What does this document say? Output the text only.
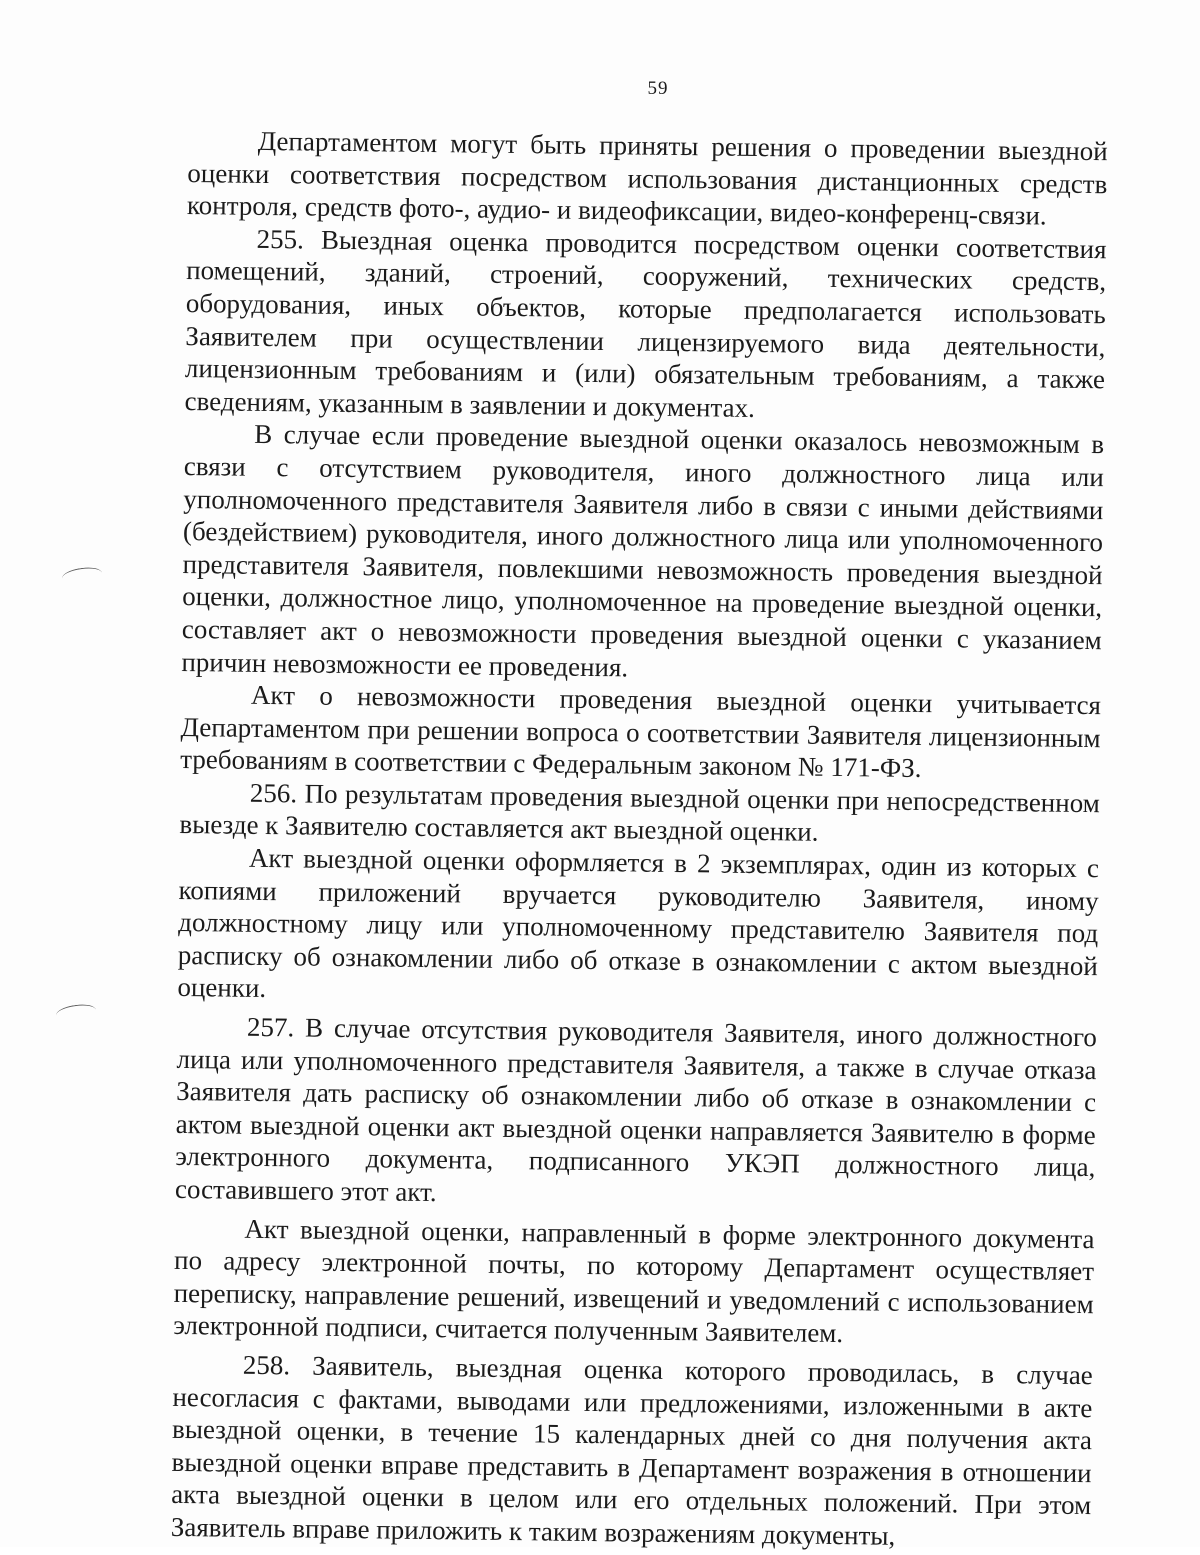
59

Департаментом могут быть приняты решения о проведении выездной оценки соответствия посредством использования дистанционных средств контроля, средств фото-, аудио- и видеофиксации, видео-конференц-связи.

255. Выездная оценка проводится посредством оценки соответствия помещений, зданий, строений, сооружений, технических средств, оборудования, иных объектов, которые предполагается использовать Заявителем при осуществлении лицензируемого вида деятельности, лицензионным требованиям и (или) обязательным требованиям, а также сведениям, указанным в заявлении и документах.

В случае если проведение выездной оценки оказалось невозможным в связи с отсутствием руководителя, иного должностного лица или уполномоченного представителя Заявителя либо в связи с иными действиями (бездействием) руководителя, иного должностного лица или уполномоченного представителя Заявителя, повлекшими невозможность проведения выездной оценки, должностное лицо, уполномоченное на проведение выездной оценки, составляет акт о невозможности проведения выездной оценки с указанием причин невозможности ее проведения.

Акт о невозможности проведения выездной оценки учитывается Департаментом при решении вопроса о соответствии Заявителя лицензионным требованиям в соответствии с Федеральным законом № 171-ФЗ.

256. По результатам проведения выездной оценки при непосредственном выезде к Заявителю составляется акт выездной оценки.

Акт выездной оценки оформляется в 2 экземплярах, один из которых с копиями приложений вручается руководителю Заявителя, иному должностному лицу или уполномоченному представителю Заявителя под расписку об ознакомлении либо об отказе в ознакомлении с актом выездной оценки.

257. В случае отсутствия руководителя Заявителя, иного должностного лица или уполномоченного представителя Заявителя, а также в случае отказа Заявителя дать расписку об ознакомлении либо об отказе в ознакомлении с актом выездной оценки акт выездной оценки направляется Заявителю в форме электронного документа, подписанного УКЭП должностного лица, составившего этот акт.

Акт выездной оценки, направленный в форме электронного документа по адресу электронной почты, по которому Департамент осуществляет переписку, направление решений, извещений и уведомлений с использованием электронной подписи, считается полученным Заявителем.

258. Заявитель, выездная оценка которого проводилась, в случае несогласия с фактами, выводами или предложениями, изложенными в акте выездной оценки, в течение 15 календарных дней со дня получения акта выездной оценки вправе представить в Департамент возражения в отношении акта выездной оценки в целом или его отдельных положений. При этом Заявитель вправе приложить к таким возражениям документы,
